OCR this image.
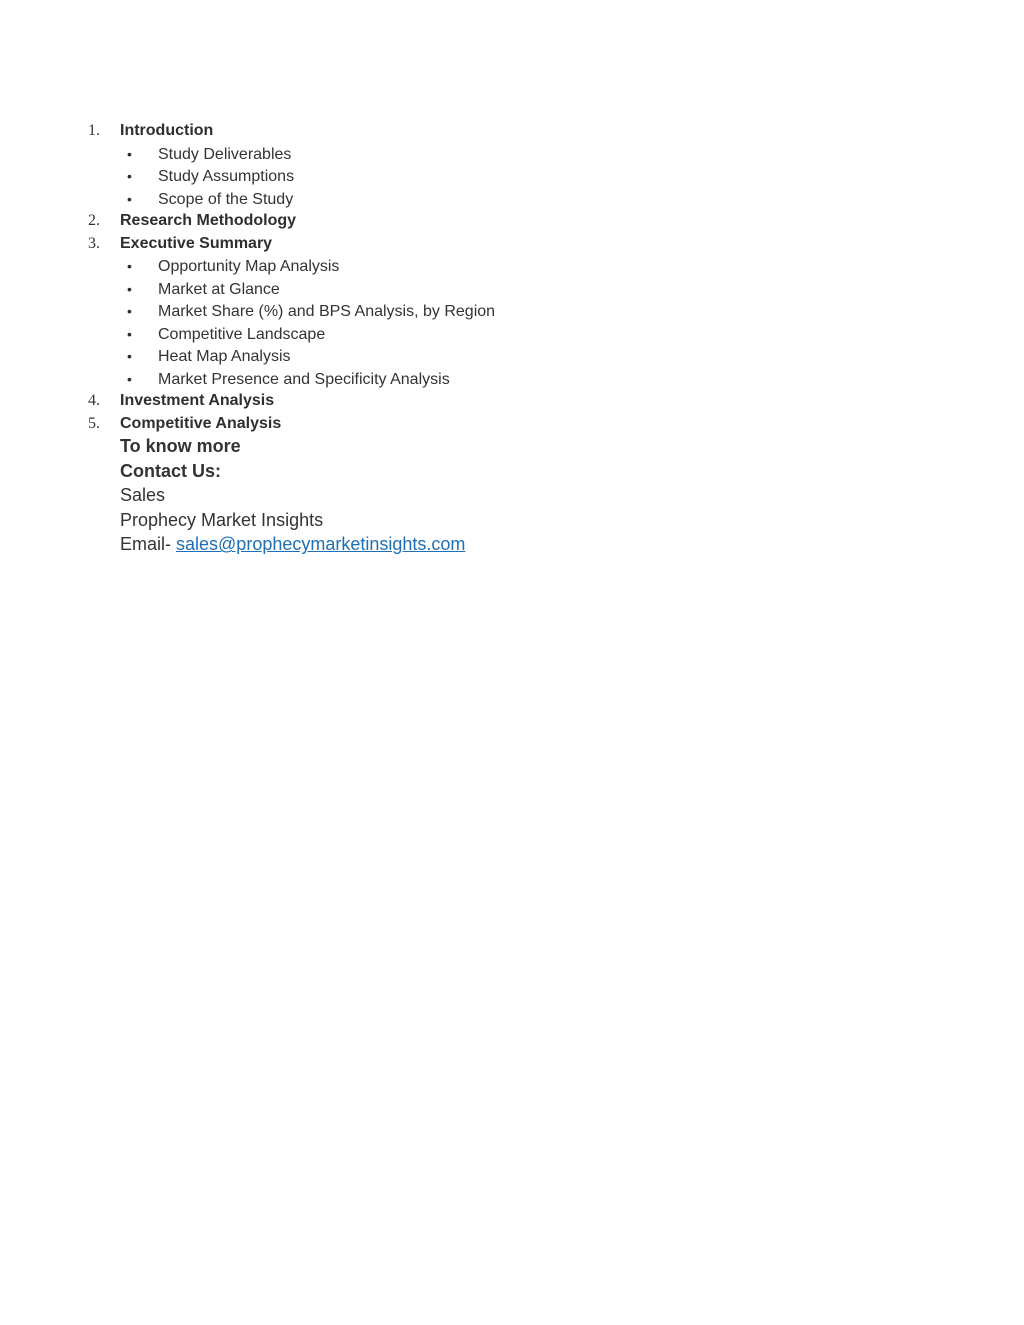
1.	Introduction
•	Study Deliverables
•	Study Assumptions
•	Scope of the Study
2.	Research Methodology
3.	Executive Summary
•	Opportunity Map Analysis
•	Market at Glance
•	Market Share (%) and BPS Analysis, by Region
•	Competitive Landscape
•	Heat Map Analysis
•	Market Presence and Specificity Analysis
4.	Investment Analysis
5.	Competitive Analysis
To know more
Contact Us:
Sales
Prophecy Market Insights
Email- sales@prophecymarketinsights.com
